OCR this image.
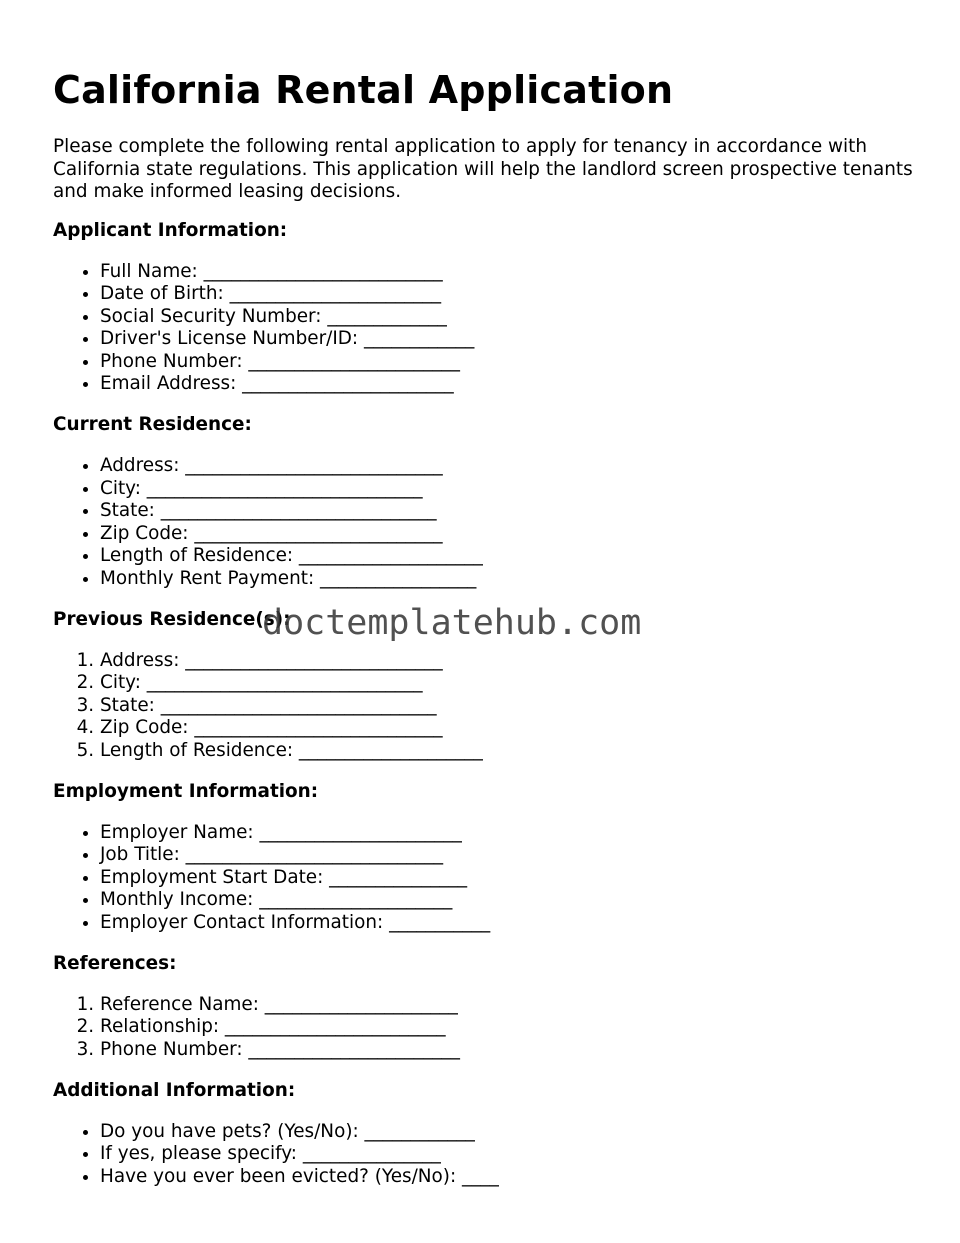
California Rental Application

Please complete the following rental application to apply for tenancy in accordance with California state regulations. This application will help the landlord screen prospective tenants and make informed leasing decisions.

Applicant Information:
• Full Name: __________________________
• Date of Birth: _______________________
• Social Security Number: _____________
• Driver's License Number/ID: ____________
• Phone Number: _______________________
• Email Address: _______________________
Current Residence:
• Address: ____________________________
• City: ______________________________
• State: ______________________________
• Zip Code: ___________________________
• Length of Residence: ____________________
• Monthly Rent Payment: _________________
Previous Residence(s):
1. Address: ____________________________
2. City: ______________________________
3. State: ______________________________
4. Zip Code: ___________________________
5. Length of Residence: ____________________
Employment Information:
• Employer Name: ______________________
• Job Title: ____________________________
• Employment Start Date: _______________
• Monthly Income: _____________________
• Employer Contact Information: ___________
References:
1. Reference Name: _____________________
2. Relationship: ________________________
3. Phone Number: _______________________
Additional Information:
• Do you have pets? (Yes/No): ____________
• If yes, please specify: _______________
• Have you ever been evicted? (Yes/No): ____
doctemplatehub.com
